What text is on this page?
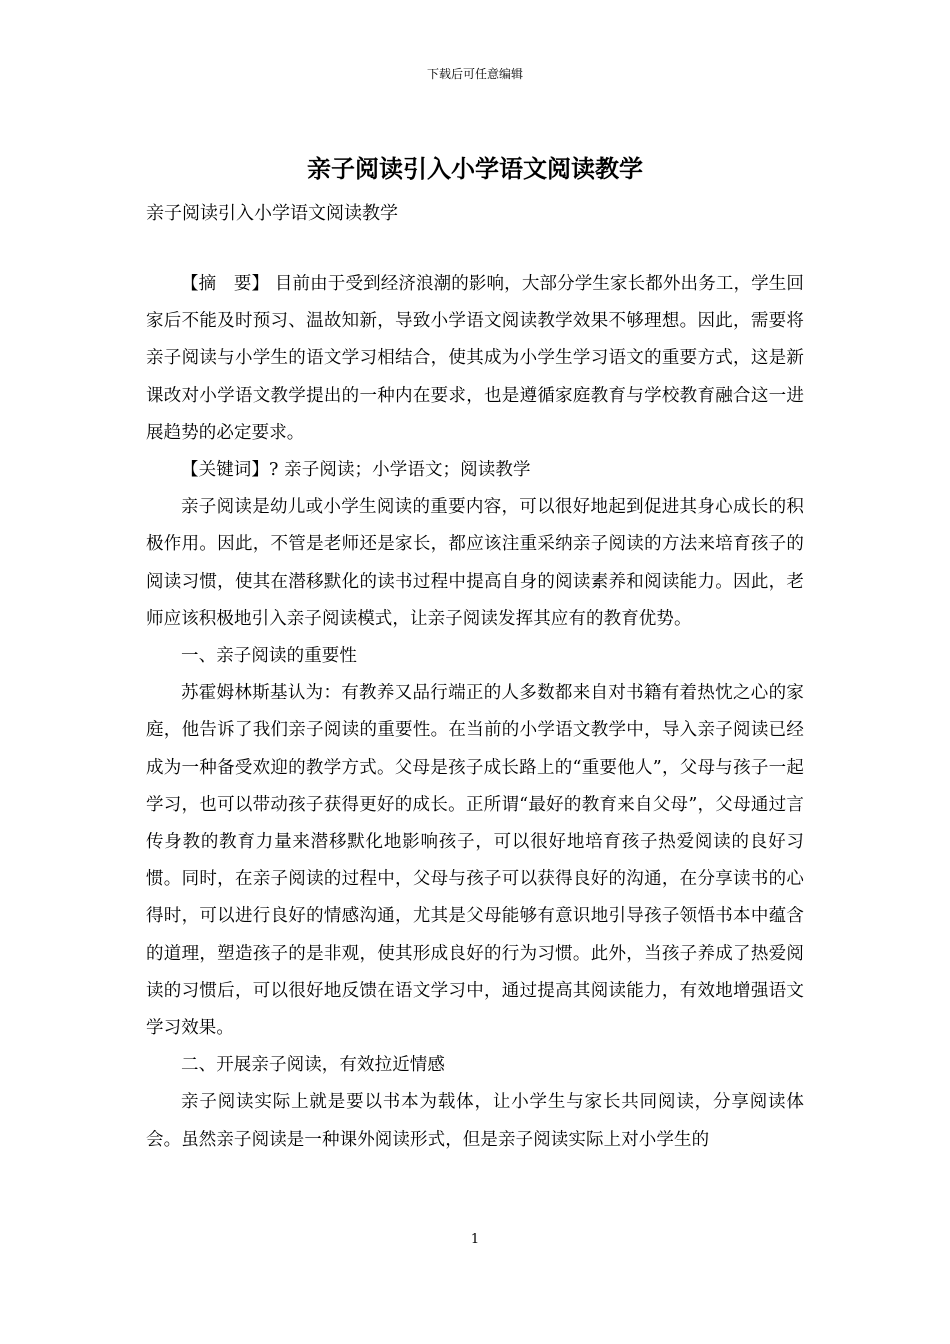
下载后可任意编辑
亲子阅读引入小学语文阅读教学

亲子阅读引入小学语文阅读教学

【摘　要】 目前由于受到经济浪潮的影响，大部分学生家长都外出务工，学生回家后不能及时预习、温故知新，导致小学语文阅读教学效果不够理想。因此，需要将亲子阅读与小学生的语文学习相结合，使其成为小学生学习语文的重要方式，这是新课改对小学语文教学提出的一种内在要求，也是遵循家庭教育与学校教育融合这一进展趋势的必定要求。

【关键词】? 亲子阅读；小学语文；阅读教学

亲子阅读是幼儿或小学生阅读的重要内容，可以很好地起到促进其身心成长的积极作用。因此，不管是老师还是家长，都应该注重采纳亲子阅读的方法来培育孩子的阅读习惯，使其在潜移默化的读书过程中提高自身的阅读素养和阅读能力。因此，老师应该积极地引入亲子阅读模式，让亲子阅读发挥其应有的教育优势。

一、亲子阅读的重要性

苏霍姆林斯基认为：有教养又品行端正的人多数都来自对书籍有着热忱之心的家庭，他告诉了我们亲子阅读的重要性。在当前的小学语文教学中，导入亲子阅读已经成为一种备受欢迎的教学方式。父母是孩子成长路上的“重要他人”，父母与孩子一起学习，也可以带动孩子获得更好的成长。正所谓“最好的教育来自父母”，父母通过言传身教的教育力量来潜移默化地影响孩子，可以很好地培育孩子热爱阅读的良好习惯。同时，在亲子阅读的过程中，父母与孩子可以获得良好的沟通，在分享读书的心得时，可以进行良好的情感沟通，尤其是父母能够有意识地引导孩子领悟书本中蕴含的道理，塑造孩子的是非观，使其形成良好的行为习惯。此外，当孩子养成了热爱阅读的习惯后，可以很好地反馈在语文学习中，通过提高其阅读能力，有效地增强语文学习效果。

二、开展亲子阅读，有效拉近情感

亲子阅读实际上就是要以书本为载体，让小学生与家长共同阅读，分享阅读体会。虽然亲子阅读是一种课外阅读形式，但是亲子阅读实际上对小学生的

1
